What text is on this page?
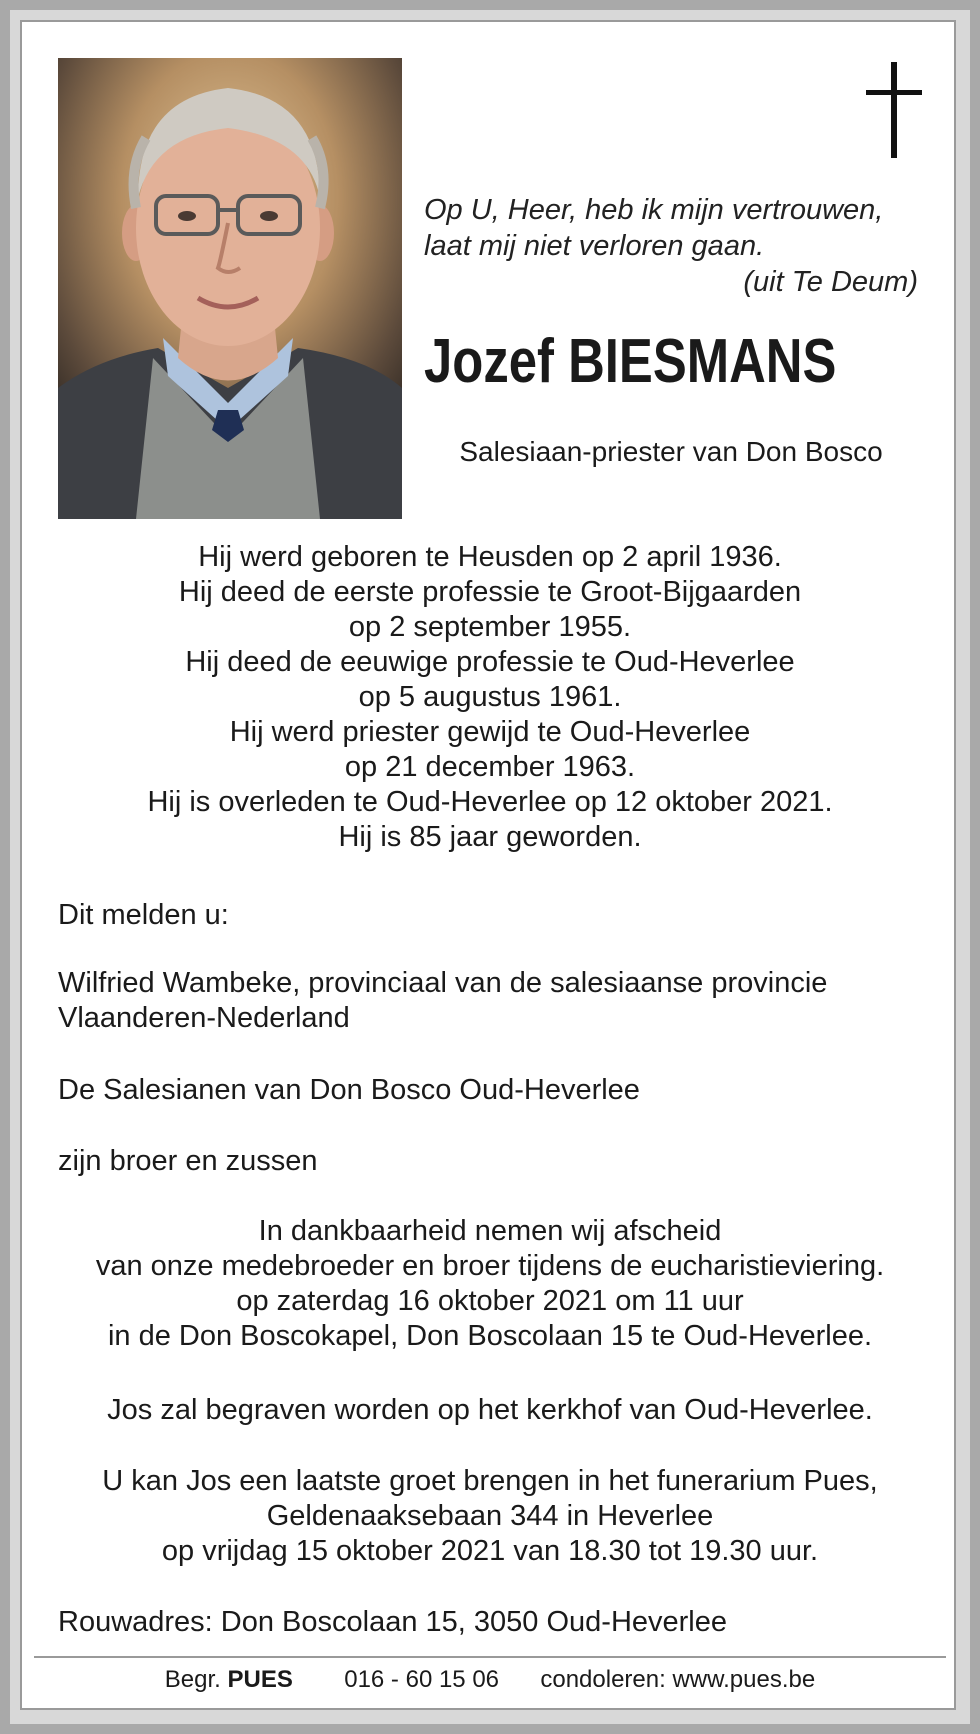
Op U, Heer, heb ik mijn vertrouwen,
laat mij niet verloren gaan.
(uit Te Deum)
Jozef BIESMANS
Salesiaan-priester van Don Bosco
Hij werd geboren te Heusden op 2 april 1936.
Hij deed de eerste professie te Groot-Bijgaarden
op 2 september 1955.
Hij deed de eeuwige professie te Oud-Heverlee
op 5 augustus 1961.
Hij werd priester gewijd te Oud-Heverlee
op 21 december 1963.
Hij is overleden te Oud-Heverlee op 12 oktober 2021.
Hij is 85 jaar geworden.
Dit melden u:
Wilfried Wambeke, provinciaal van de salesiaanse provincie
Vlaanderen-Nederland
De Salesianen van Don Bosco Oud-Heverlee
zijn broer en zussen
In dankbaarheid nemen wij afscheid
van onze medebroeder en broer tijdens de eucharistieviering.
op zaterdag 16 oktober 2021 om 11 uur
in de Don Boscokapel, Don Boscolaan 15 te Oud-Heverlee.
Jos zal begraven worden op het kerkhof van Oud-Heverlee.
U kan Jos een laatste groet brengen in het funerarium Pues,
Geldenaaksebaan 344 in Heverlee
op vrijdag 15 oktober 2021 van 18.30 tot 19.30 uur.
Rouwadres: Don Boscolaan 15, 3050 Oud-Heverlee
Begr. PUES 016 - 60 15 06 condoleren: www.pues.be
